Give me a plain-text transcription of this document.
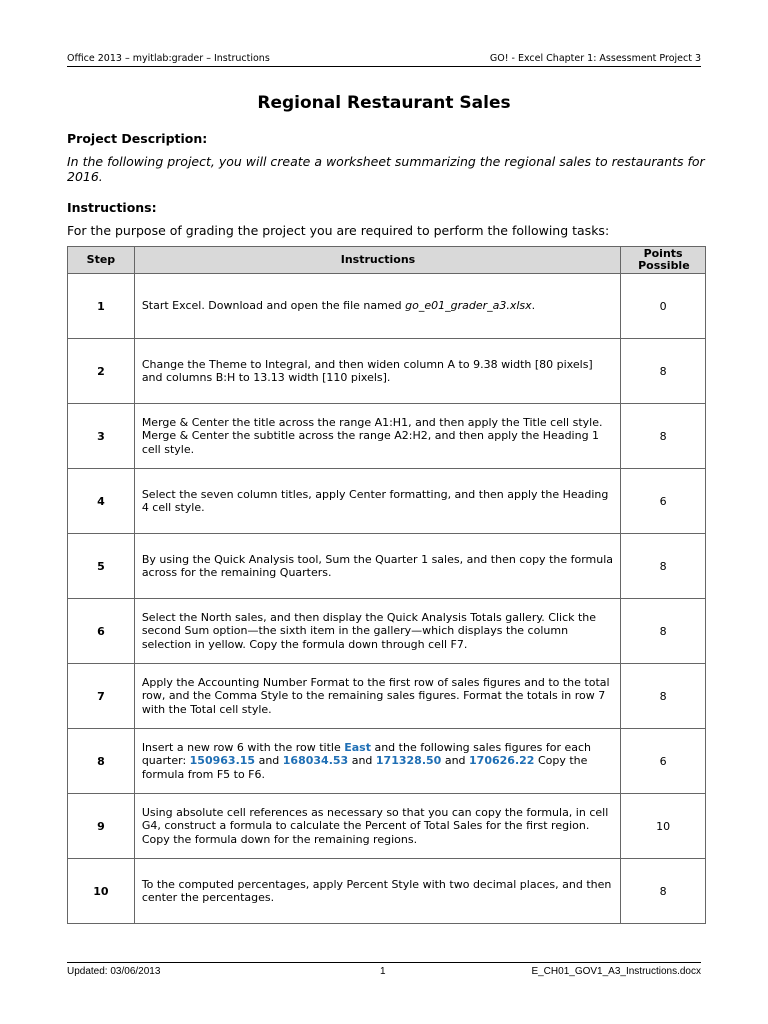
Office 2013 – myitlab:grader – Instructions	GO! - Excel Chapter 1: Assessment Project 3
Regional Restaurant Sales
Project Description:
In the following project, you will create a worksheet summarizing the regional sales to restaurants for 2016.
Instructions:
For the purpose of grading the project you are required to perform the following tasks:
Step	Instructions	Points Possible
1	Start Excel. Download and open the file named go_e01_grader_a3.xlsx.	0
2	Change the Theme to Integral, and then widen column A to 9.38 width [80 pixels] and columns B:H to 13.13 width [110 pixels].	8
3	Merge & Center the title across the range A1:H1, and then apply the Title cell style. Merge & Center the subtitle across the range A2:H2, and then apply the Heading 1 cell style.	8
4	Select the seven column titles, apply Center formatting, and then apply the Heading 4 cell style.	6
5	By using the Quick Analysis tool, Sum the Quarter 1 sales, and then copy the formula across for the remaining Quarters.	8
6	Select the North sales, and then display the Quick Analysis Totals gallery. Click the second Sum option—the sixth item in the gallery—which displays the column selection in yellow. Copy the formula down through cell F7.	8
7	Apply the Accounting Number Format to the first row of sales figures and to the total row, and the Comma Style to the remaining sales figures. Format the totals in row 7 with the Total cell style.	8
8	Insert a new row 6 with the row title East and the following sales figures for each quarter: 150963.15 and 168034.53 and 171328.50 and 170626.22 Copy the formula from F5 to F6.	6
9	Using absolute cell references as necessary so that you can copy the formula, in cell G4, construct a formula to calculate the Percent of Total Sales for the first region. Copy the formula down for the remaining regions.	10
10	To the computed percentages, apply Percent Style with two decimal places, and then center the percentages.	8
Updated: 03/06/2013	1	E_CH01_GOV1_A3_Instructions.docx
